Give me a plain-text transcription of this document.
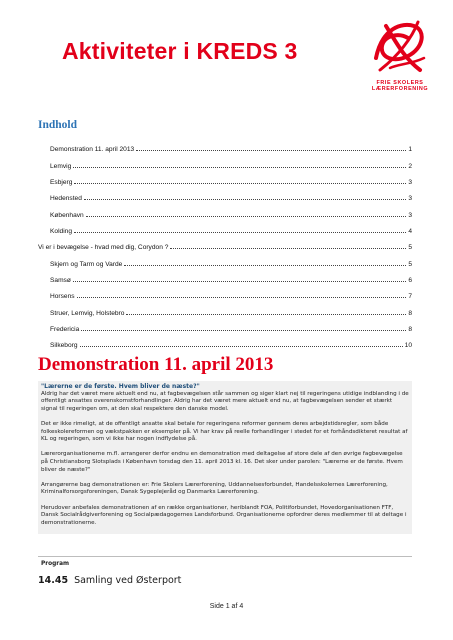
Aktiviteter i KREDS 3
FRIE SKOLERS
LÆRERFORENING
Indhold
Demonstration 11. april 2013	1
Lemvig	2
Esbjerg	3
Hedensted	3
København	3
Kolding	4
Vi er i bevægelse - hvad med dig, Corydon ?	5
Skjern og Tarm og Varde	5
Samsø	6
Horsens	7
Struer, Lemvig, Holstebro	8
Fredericia	8
Silkeborg	10
Demonstration 11. april 2013
"Lærerne er de første. Hvem bliver de næste?"

Aldrig har det været mere aktuelt end nu, at fagbevægelsen står sammen og siger klart nej til regeringens utidige indblanding i de offentligt ansattes overenskomstforhandlinger. Aldrig har det været mere aktuelt end nu, at fagbevægelsen sender et stærkt signal til regeringen om, at den skal respektere den danske model.

Det er ikke rimeligt, at de offentligt ansatte skal betale for regeringens reformer gennem deres arbejdstidsregler, som både folkeskolereformen og vækstpakken er eksempler på. Vi har krav på reelle forhandlinger i stedet for et forhåndsdikteret resultat af KL og regeringen, som vi ikke har nogen indflydelse på.

Lærerorganisationerne m.fl. arrangerer derfor endnu en demonstration med deltagelse af store dele af den øvrige fagbevægelse på Christiansborg Slotsplads i København torsdag den 11. april 2013 kl. 16. Det sker under parolen: "Lærerne er de første. Hvem bliver de næste?"

Arrangørerne bag demonstrationen er: Frie Skolers Lærerforening, Uddannelsesforbundet, Handelsskolernes Lærerforening, Kriminalforsorgsforeningen, Dansk Sygeplejeråd og Danmarks Lærerforening.

Herudover anbefales demonstrationen af en række organisationer, heriblandt FOA, Politiforbundet, Hovedorganisationen FTF, Dansk Socialrådgiverforening og Socialpædagogernes Landsforbund. Organisationerne opfordrer deres medlemmer til at deltage i demonstrationerne.

Program
14.45 Samling ved Østerport
Side 1 af 4
